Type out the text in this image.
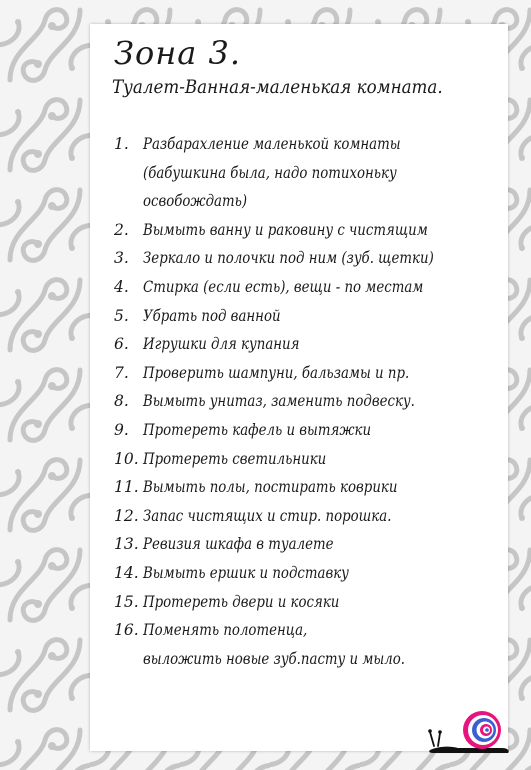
Зона 3.
Туалет-Ванная-маленькая комната.
1. Разбарахление маленькой комнаты
(бабушкина была, надо потихоньку
освобождать)
2. Вымыть ванну и раковину с чистящим
3. Зеркало и полочки под ним (зуб. щетки)
4. Стирка (если есть), вещи - по местам
5. Убрать под ванной
6. Игрушки для купания
7. Проверить шампуни, бальзамы и пр.
8. Вымыть унитаз, заменить подвеску.
9. Протереть кафель и вытяжки
10. Протереть светильники
11. Вымыть полы, постирать коврики
12. Запас чистящих и стир. порошка.
13. Ревизия шкафа в туалете
14. Вымыть ершик и подставку
15. Протереть двери и косяки
16. Поменять полотенца,
выложить новые зуб.пасту и мыло.
